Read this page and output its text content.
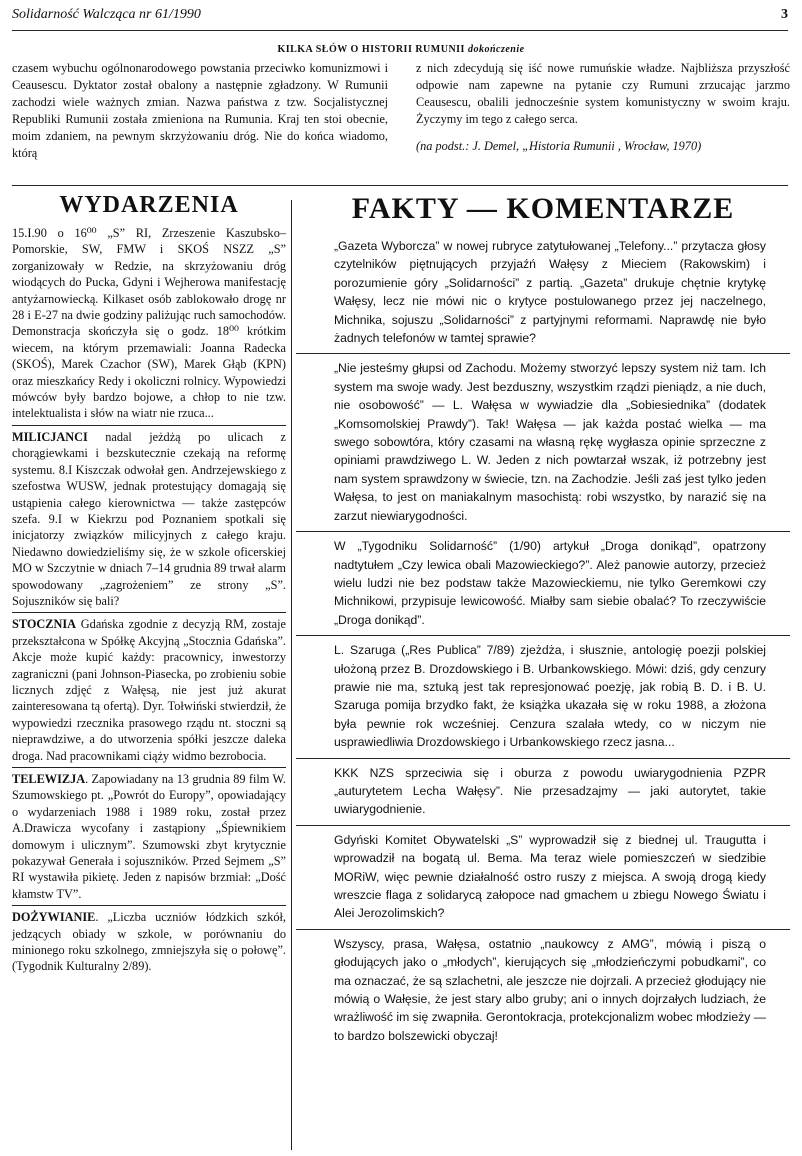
Solidarność Walcząca nr 61/1990	3
KILKA SŁÓW O HISTORII RUMUNII dokończenie
czasem wybuchu ogólnonarodowego powstania przeciwko komunizmowi i Ceausescu. Dyktator został obalony a następnie zgładzony. W Rumunii zachodzi wiele ważnych zmian. Nazwa państwa z tzw. Socjalistycznej Republiki Rumunii została zmieniona na Rumunia. Kraj ten stoi obecnie, moim zdaniem, na pewnym skrzyżowaniu dróg. Nie do końca wiadomo, którą
z nich zdecydują się iść nowe rumuńskie władze. Najbliższa przyszłość odpowie nam zapewne na pytanie czy Rumuni zrzucając jarzmo Ceausescu, obalili jednocześnie system komunistyczny w swoim kraju. Życzymy im tego z całego serca.
(na podst.: J. Demel, „Historia Rumunii , Wrocław, 1970)
WYDARZENIA
15.I.90 o 16⁰⁰ „S” RI, Zrzeszenie Kaszubsko–Pomorskie, SW, FMW i SKOŚ NSZZ „S” zorganizowały w Redzie, na skrzyżowaniu dróg wiodących do Pucka, Gdyni i Wejherowa manifestację antyżarnowiecką. Kilkaset osób zablokowało drogę nr 28 i E-27 na dwie godziny paliżując ruch samochodów. Demonstracja skończyła się o godz. 18⁰⁰ krótkim wiecem, na którym przemawiali: Joanna Radecka (SKOŚ), Marek Czachor (SW), Marek Głąb (KPN) oraz mieszkańcy Redy i okoliczni rolnicy. Wypowiedzi mówców były bardzo bojowe, a chłop to nie tzw. intelektualista i słów na wiatr nie rzuca...
MILICJANCI nadal jeżdżą po ulicach z chorągiewkami i bezskutecznie czekają na reformę systemu. 8.I Kiszczak odwołał gen. Andrzejewskiego z szefostwa WUSW, jednak protestujący domagają się ustąpienia całego kierownictwa — także zastępców szefa. 9.I w Kiekrzu pod Poznaniem spotkali się inicjatorzy związków milicyjnych z całego kraju. Niedawno dowiedzieliśmy się, że w szkole oficerskiej MO w Szczytnie w dniach 7–14 grudnia 89 trwał alarm spowodowany „zagrożeniem” ze strony „S”. Sojuszników się bali?
STOCZNIA Gdańska zgodnie z decyzją RM, zostaje przekształcona w Spółkę Akcyjną „Stocznia Gdańska”. Akcje może kupić każdy: pracownicy, inwestorzy zagraniczni (pani Johnson-Piasecka, po zrobieniu sobie licznych zdjęć z Wałęsą, nie jest już akurat zainteresowana tą ofertą). Dyr. Tołwiński stwierdził, że wypowiedzi rzecznika prasowego rządu nt. stoczni są nieprawdziwe, a do utworzenia spółki jeszcze daleka droga. Nad pracownikami ciąży widmo bezrobocia.
TELEWIZJA. Zapowiadany na 13 grudnia 89 film W. Szumowskiego pt. „Powrót do Europy”, opowiadający o wydarzeniach 1988 i 1989 roku, został przez A.Drawicza wycofany i zastąpiony „Śpiewnikiem domowym i ulicznym”. Szumowski zbyt krytycznie pokazywał Generała i sojuszników. Przed Sejmem „S” RI wystawiła pikietę. Jeden z napisów brzmiał: „Dość kłamstw TV”.
DOŻYWIANIE. „Liczba uczniów łódzkich szkół, jedzących obiady w szkole, w porównaniu do minionego roku szkolnego, zmniejszyła się o połowę”. (Tygodnik Kulturalny 2/89).
FAKTY — KOMENTARZE
„Gazeta Wyborcza” w nowej rubryce zatytułowanej „Telefony...” przytacza głosy czytelników piętnujących przyjaźń Wałęsy z Mieciem (Rakowskim) i porozumienie góry „Solidarności” z partią. „Gazeta” drukuje chętnie krytykę Wałęsy, lecz nie mówi nic o krytyce postulowanego przez jej naczelnego, Michnika, sojuszu „Solidarności” z partyjnymi reformami. Naprawdę nie było żadnych telefonów w tamtej sprawie?
„Nie jesteśmy głupsi od Zachodu. Możemy stworzyć lepszy system niż tam. Ich system ma swoje wady. Jest bezduszny, wszystkim rządzi pieniądz, a nie duch, nie osobowość” — L. Wałęsa w wywiadzie dla „Sobiesiednika” (dodatek „Komsomolskiej Prawdy”). Tak! Wałęsa — jak każda postać wielka — ma swego sobowtóra, który czasami na własną rękę wygłasza opinie sprzeczne z opiniami prawdziwego L. W. Jeden z nich powtarzał wszak, iż potrzebny jest nam system sprawdzony w świecie, tzn. na Zachodzie. Jeśli zaś jest tylko jeden Wałęsa, to jest on maniakalnym masochistą: robi wszystko, by narazić się na zarzut niewiarygodności.
W „Tygodniku Solidarność” (1/90) artykuł „Droga donikąd”, opatrzony nadtytułem „Czy lewica obali Mazowieckiego?”. Ależ panowie autorzy, przecież wielu ludzi nie bez podstaw także Mazowieckiemu, nie tylko Geremkowi czy Michnikowi, przypisuje lewicowość. Miałby sam siebie obalać? To rzeczywiście „Droga donikąd”.
L. Szaruga („Res Publica” 7/89) zjeżdża, i słusznie, antologię poezji polskiej ułożoną przez B. Drozdowskiego i B. Urbankowskiego. Mówi: dziś, gdy cenzury prawie nie ma, sztuką jest tak represjonować poezję, jak robią B. D. i B. U. Szaruga pomija brzydko fakt, że książka ukazała się w roku 1988, a złożona była pewnie rok wcześniej. Cenzura szalała wtedy, co w niczym nie usprawiedliwia Drozdowskiego i Urbankowskiego rzecz jasna...
KKK NZS sprzeciwia się i oburza z powodu uwiarygodnienia PZPR „auturytetem Lecha Wałęsy”. Nie przesadzajmy — jaki autorytet, takie uwiarygodnienie.
Gdyński Komitet Obywatelski „S” wyprowadził się z biednej ul. Traugutta i wprowadził na bogatą ul. Bema. Ma teraz wiele pomieszczeń w siedzibie MORiW, więc pewnie działalność ostro ruszy z miejsca. A swoją drogą kiedy wreszcie flaga z solidarycą załopoce nad gmachem u zbiegu Nowego Światu i Alei Jerozolimskich?
Wszyscy, prasa, Wałęsa, ostatnio „naukowcy z AMG”, mówią i piszą o głodujących jako o „młodych”, kierujących się „młodzieńczymi pobudkami”, co ma oznaczać, że są szlachetni, ale jeszcze nie dojrzali. A przecież głodujący nie mówią o Wałęsie, że jest stary albo gruby; ani o innych dojrzałych ludziach, że wrażliwość im się zwapniła. Gerontokracja, protekcjonalizm wobec młodzieży — to bardzo bolszewicki obyczaj!
